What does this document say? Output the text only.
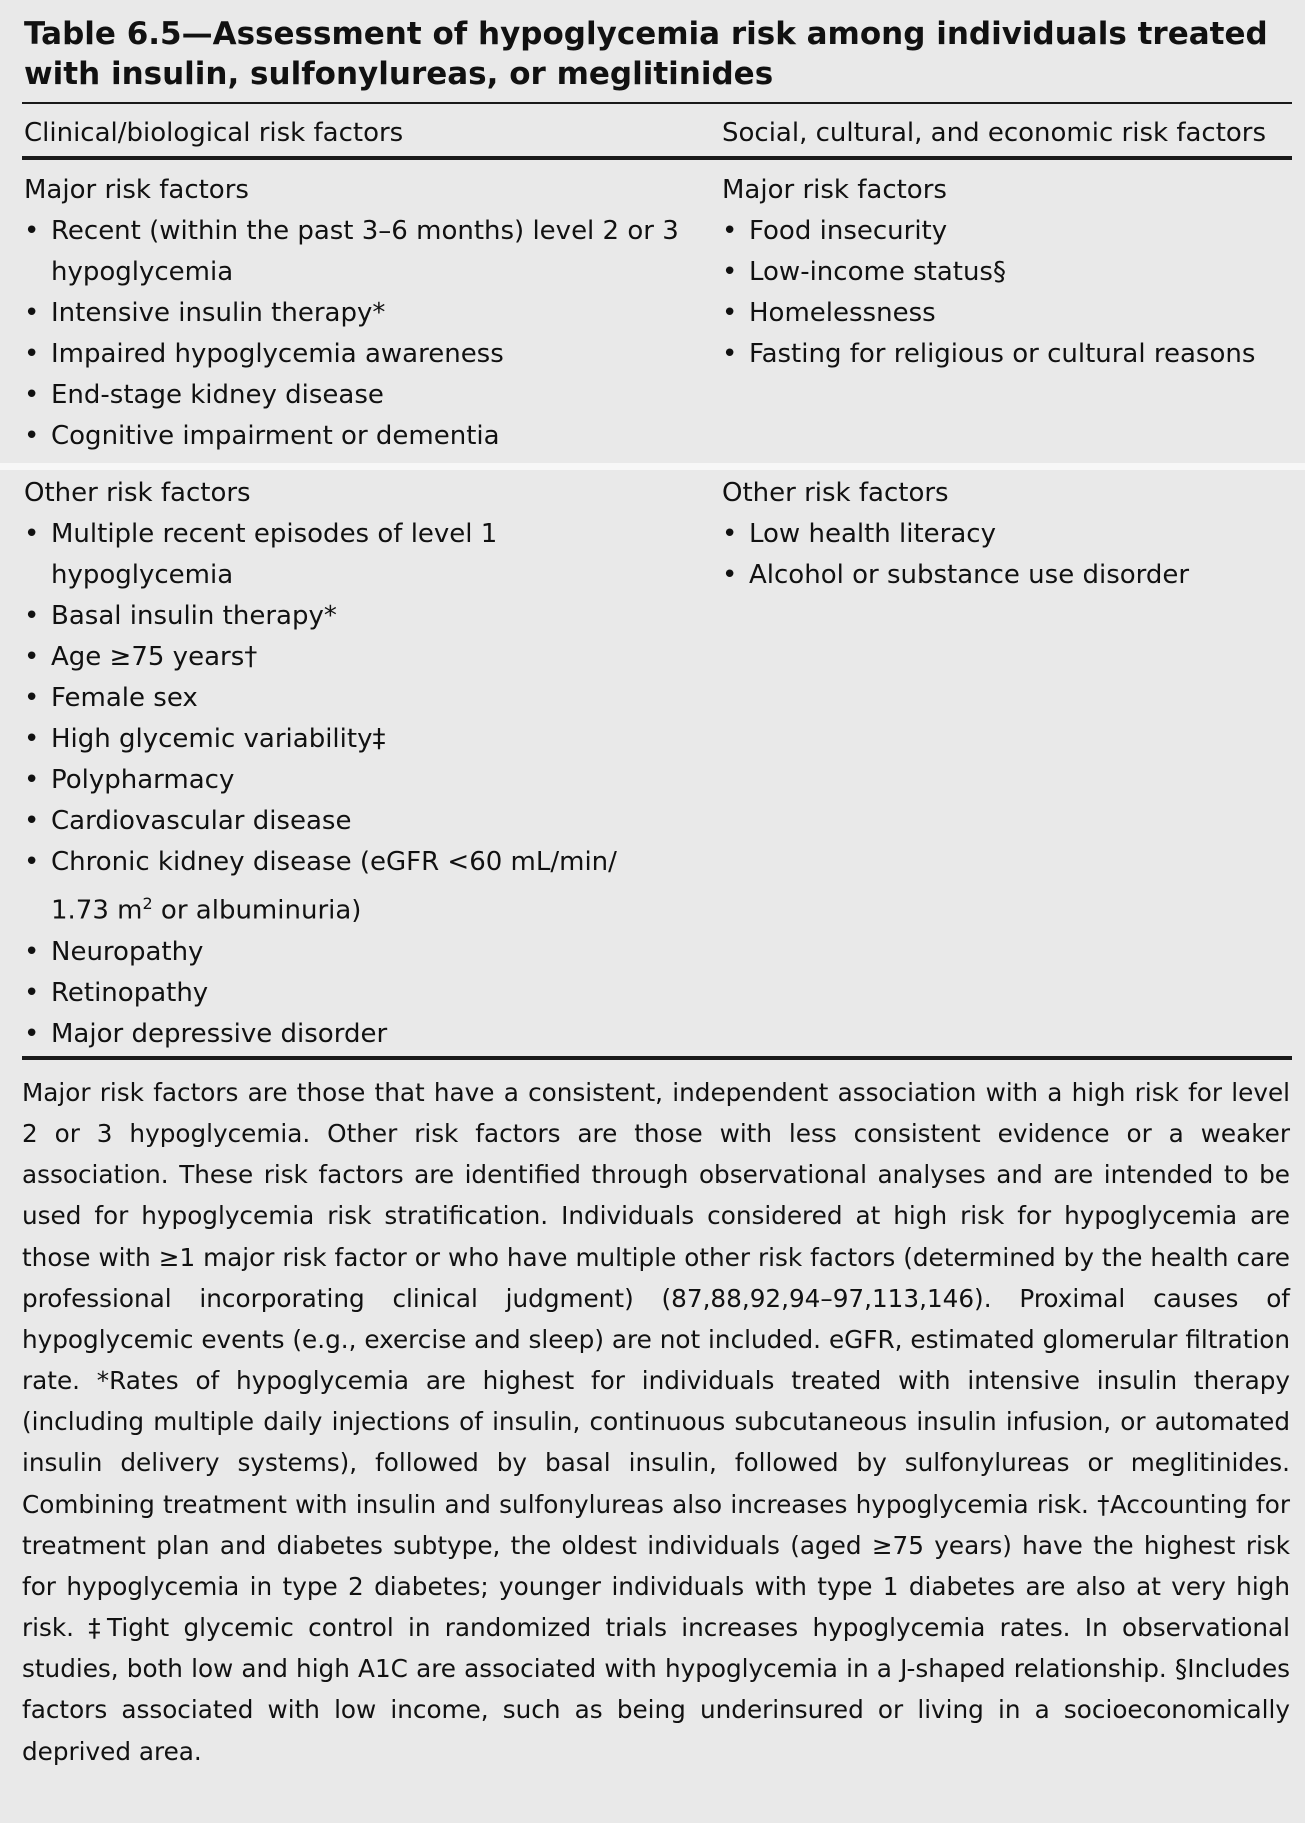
Table 6.5—Assessment of hypoglycemia risk among individuals treated with insulin, sulfonylureas, or meglitinides
Clinical/biological risk factors	Social, cultural, and economic risk factors
Major risk factors
• Recent (within the past 3–6 months) level 2 or 3 hypoglycemia
• Intensive insulin therapy*
• Impaired hypoglycemia awareness
• End-stage kidney disease
• Cognitive impairment or dementia
Major risk factors
• Food insecurity
• Low-income status§
• Homelessness
• Fasting for religious or cultural reasons
Other risk factors
• Multiple recent episodes of level 1 hypoglycemia
• Basal insulin therapy*
• Age ≥75 years†
• Female sex
• High glycemic variability‡
• Polypharmacy
• Cardiovascular disease
• Chronic kidney disease (eGFR <60 mL/min/
1.73 $m^2$ or albuminuria)
• Neuropathy
• Retinopathy
• Major depressive disorder
Other risk factors
• Low health literacy
• Alcohol or substance use disorder

Major risk factors are those that have a consistent, independent association with a high risk for level 2 or 3 hypoglycemia. Other risk factors are those with less consistent evidence or a weaker association. These risk factors are identified through observational analyses and are intended to be used for hypoglycemia risk stratification. Individuals considered at high risk for hypoglycemia are those with ≥1 major risk factor or who have multiple other risk factors (determined by the health care professional incorporating clinical judgment) (87,88,92,94–97,113,146). Proximal causes of hypoglycemic events (e.g., exercise and sleep) are not included. eGFR, estimated glomerular filtration rate. *Rates of hypoglycemia are highest for individuals treated with intensive insulin therapy (including multiple daily injections of insulin, continuous subcutaneous insulin infusion, or automated insulin delivery systems), followed by basal insulin, followed by sulfonylureas or meglitinides. Combining treatment with insulin and sulfonylureas also increases hypoglycemia risk. †Accounting for treatment plan and diabetes subtype, the oldest individuals (aged ≥75 years) have the highest risk for hypoglycemia in type 2 diabetes; younger individuals with type 1 diabetes are also at very high risk. ‡Tight glycemic control in randomized trials increases hypoglycemia rates. In observational studies, both low and high A1C are associated with hypoglycemia in a J-shaped relationship. §Includes factors associated with low income, such as being underinsured or living in a socioeconomically deprived area.
